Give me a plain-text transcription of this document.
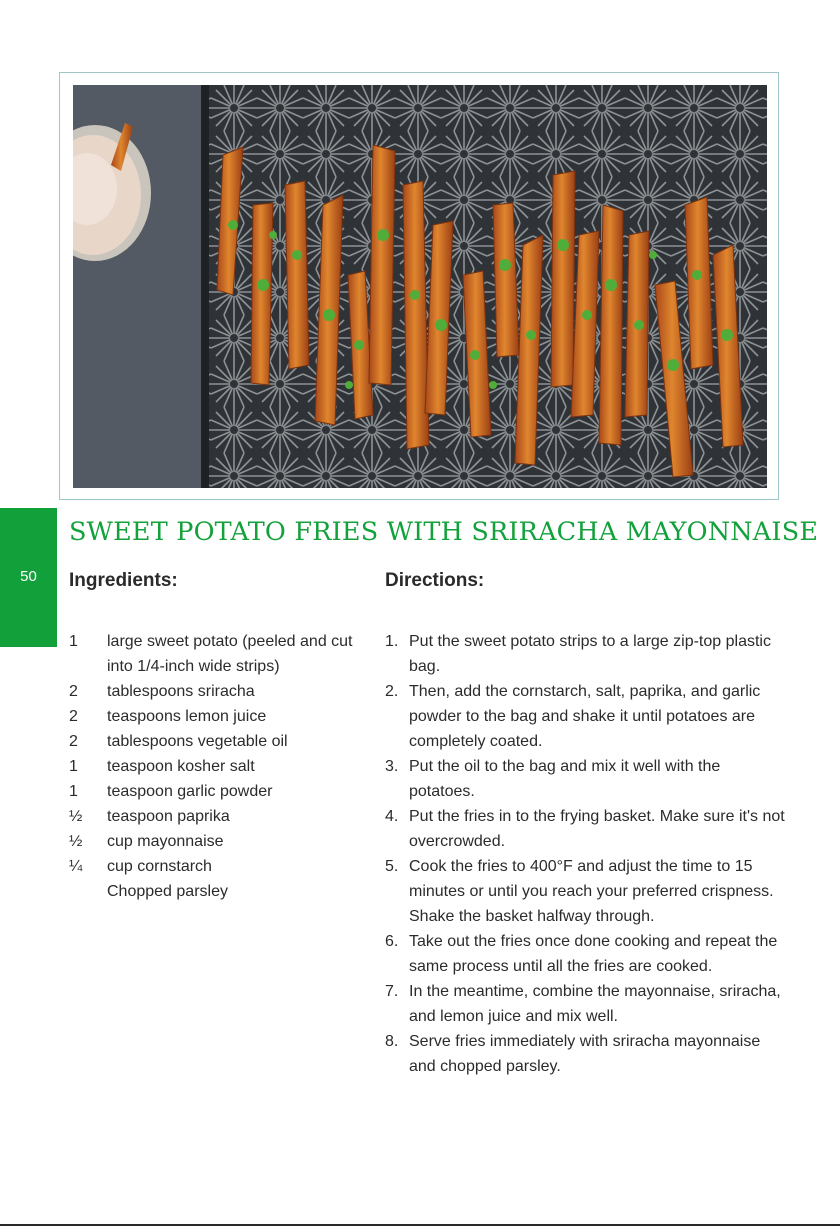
50
SWEET POTATO FRIES WITH SRIRACHA MAYONNAISE
Ingredients:	Directions:
1	large sweet potato (peeled and cut into 1/4-inch wide strips)
2	tablespoons sriracha
2	teaspoons lemon juice
2	tablespoons vegetable oil
1	teaspoon kosher salt
1	teaspoon garlic powder
½	teaspoon paprika
½	cup mayonnaise
¼	cup cornstarch
Chopped parsley
1. Put the sweet potato strips to a large zip-top plastic bag.
2. Then, add the cornstarch, salt, paprika, and garlic powder to the bag and shake it until potatoes are completely coated.
3. Put the oil to the bag and mix it well with the potatoes.
4. Put the fries in to the frying basket. Make sure it's not overcrowded.
5. Cook the fries to 400°F and adjust the time to 15 minutes or until you reach your preferred crispness. Shake the basket halfway through.
6. Take out the fries once done cooking and repeat the same process until all the fries are cooked.
7. In the meantime, combine the mayonnaise, sriracha, and lemon juice and mix well.
8. Serve fries immediately with sriracha mayonnaise and chopped parsley.
